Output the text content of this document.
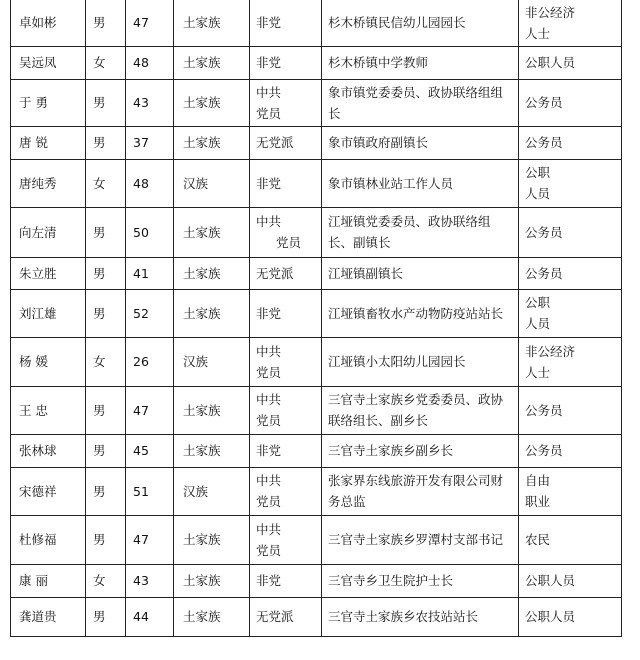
卓如彬	男	47	土家族	非党	杉木桥镇民信幼儿园园长	非公经济
人士

吴远凤	女	48	土家族	非党	杉木桥镇中学教师	公职人员

于 勇	男	43	土家族	中共
党员	象市镇党委委员、政协联络组组
长	公务员

唐 锐	男	37	土家族	无党派	象市镇政府副镇长	公务员

唐纯秀	女	48	汉族	非党	象市镇林业站工作人员	公职
人员

向左清	男	50	土家族	中共
党员	江垭镇党委委员、政协联络组
长、副镇长	公务员

朱立胜	男	41	土家族	无党派	江垭镇副镇长	公务员

刘江雄	男	52	土家族	非党	江垭镇畜牧水产动物防疫站站长	公职
人员

杨 媛	女	26	汉族	中共
党员	江垭镇小太阳幼儿园园长	非公经济
人士

王 忠	男	47	土家族	中共
党员	三官寺土家族乡党委委员、政协
联络组长、副乡长	公务员

张林球	男	45	土家族	非党	三官寺土家族乡副乡长	公务员

宋德祥	男	51	汉族	中共
党员	张家界东线旅游开发有限公司财
务总监	自由
职业

杜修福	男	47	土家族	中共
党员	三官寺土家族乡罗潭村支部书记	农民

康 丽	女	43	土家族	非党	三官寺乡卫生院护士长	公职人员

龚道贵	男	44	土家族	无党派	三官寺土家族乡农技站站长	公职人员
